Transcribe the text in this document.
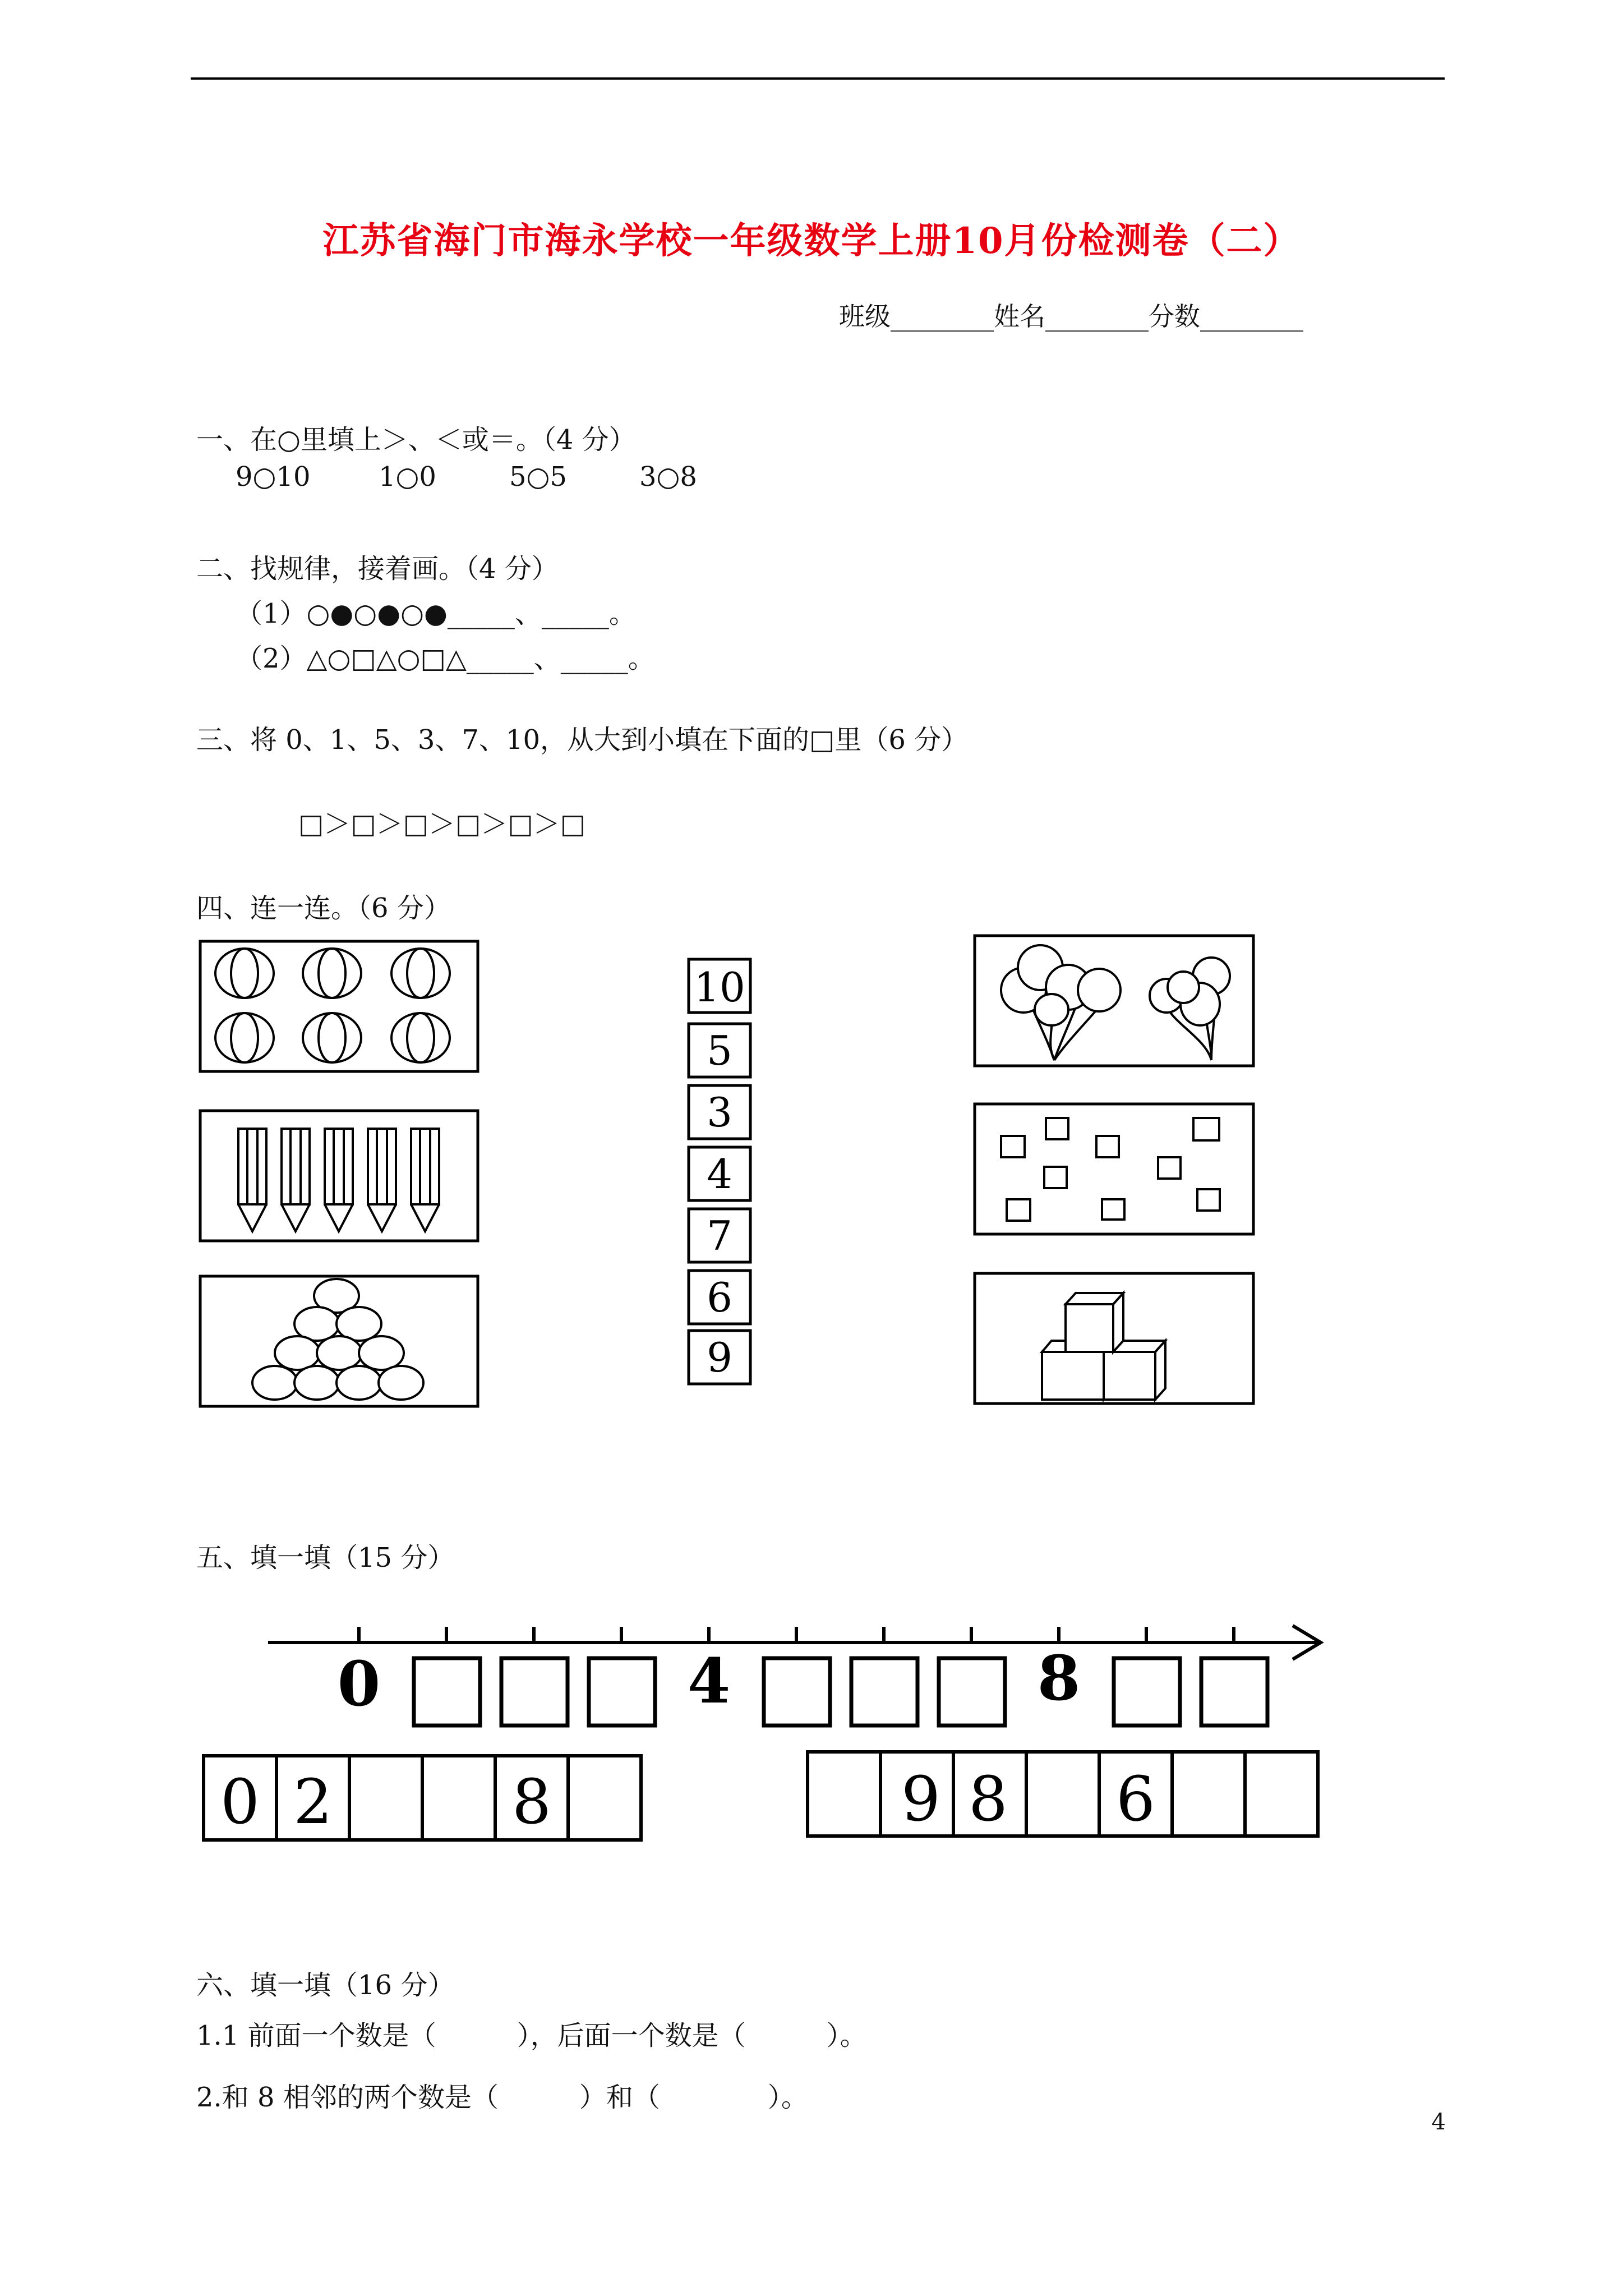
江苏省海门市海永学校一年级数学上册10月份检测卷（二）
班级________姓名________分数________
一、在○里填上＞、＜或＝。（4 分）
9○10	1○0	5○5	3○8
二、找规律，接着画。（4 分）
（1）○●○●○●_____、_____。
（2）△○□△○□△_____、_____。
三、将 0、1、5、3、7、10，从大到小填在下面的□里（6 分）
□＞□＞□＞□＞□＞□
四、连一连。（6 分）
10
5
3
4
7
6
9
五、填一填（15 分）
0	4	8
0 2	8	9 8 6
六、填一填（16 分）
1.1 前面一个数是（　　　），后面一个数是（　　　）。
2.和 8 相邻的两个数是（　　　）和（　　　　）。
4
